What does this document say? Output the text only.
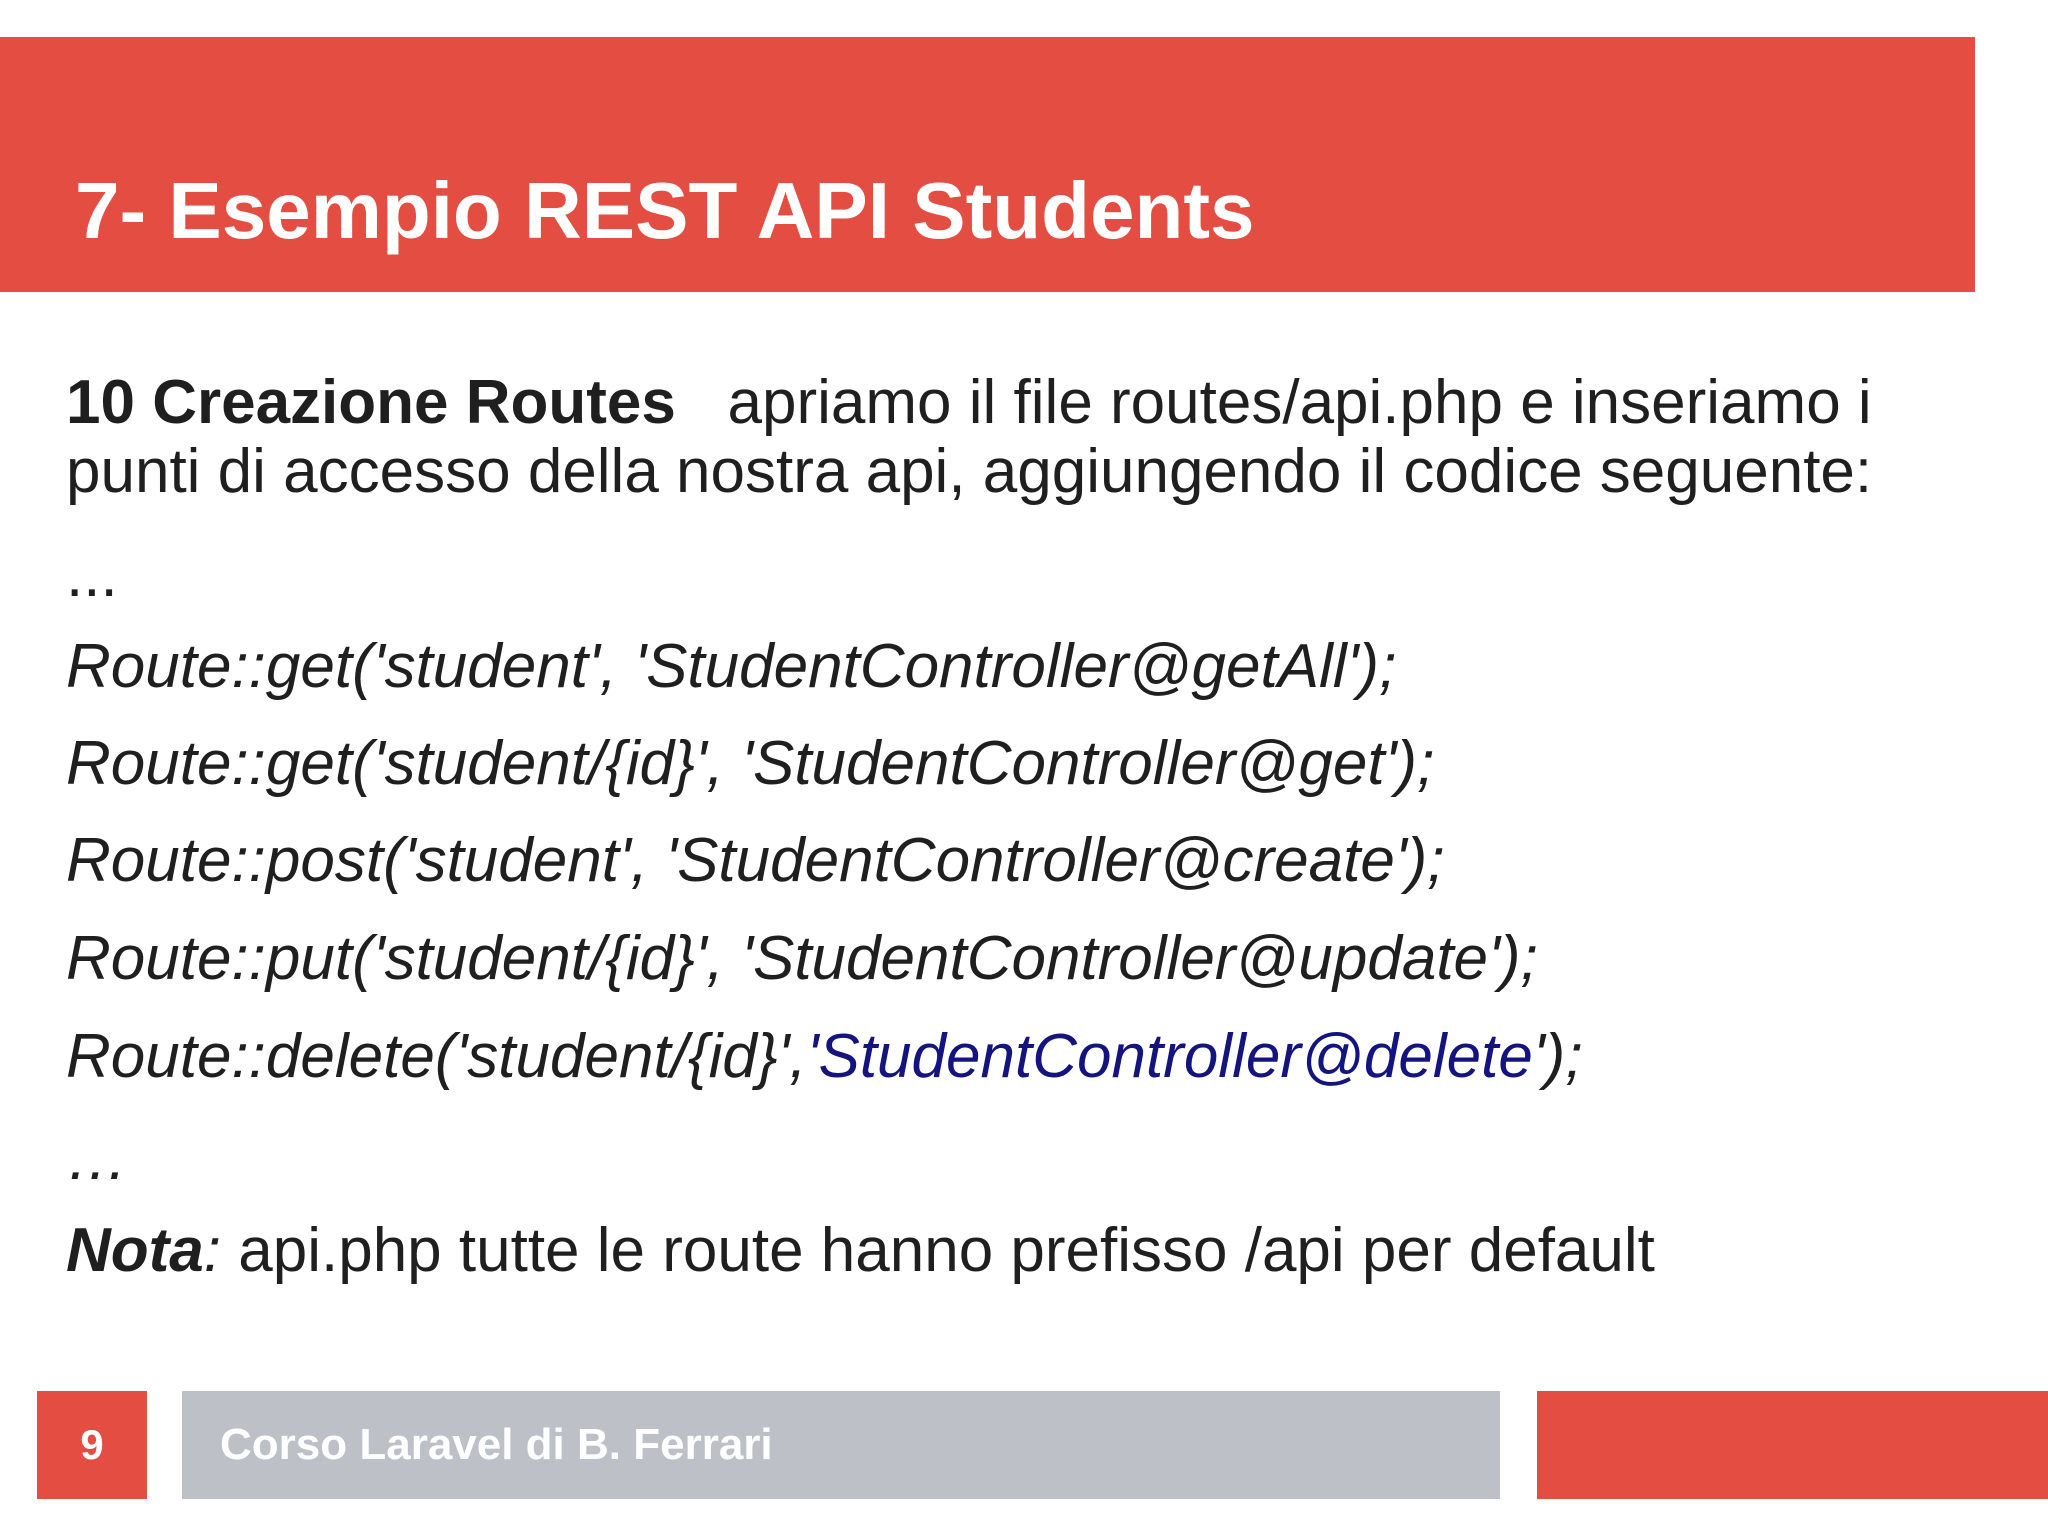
7- Esempio REST API Students
10 Creazione Routes apriamo il file routes/api.php e inseriamo i
punti di accesso della nostra api, aggiungendo il codice seguente:
...
Route::get('student', 'StudentController@getAll');
Route::get('student/{id}', 'StudentController@get');
Route::post('student', 'StudentController@create');
Route::put('student/{id}', 'StudentController@update');
Route::delete('student/{id}','StudentController@delete');
…
Nota: api.php tutte le route hanno prefisso /api per default
9	Corso Laravel di B. Ferrari
